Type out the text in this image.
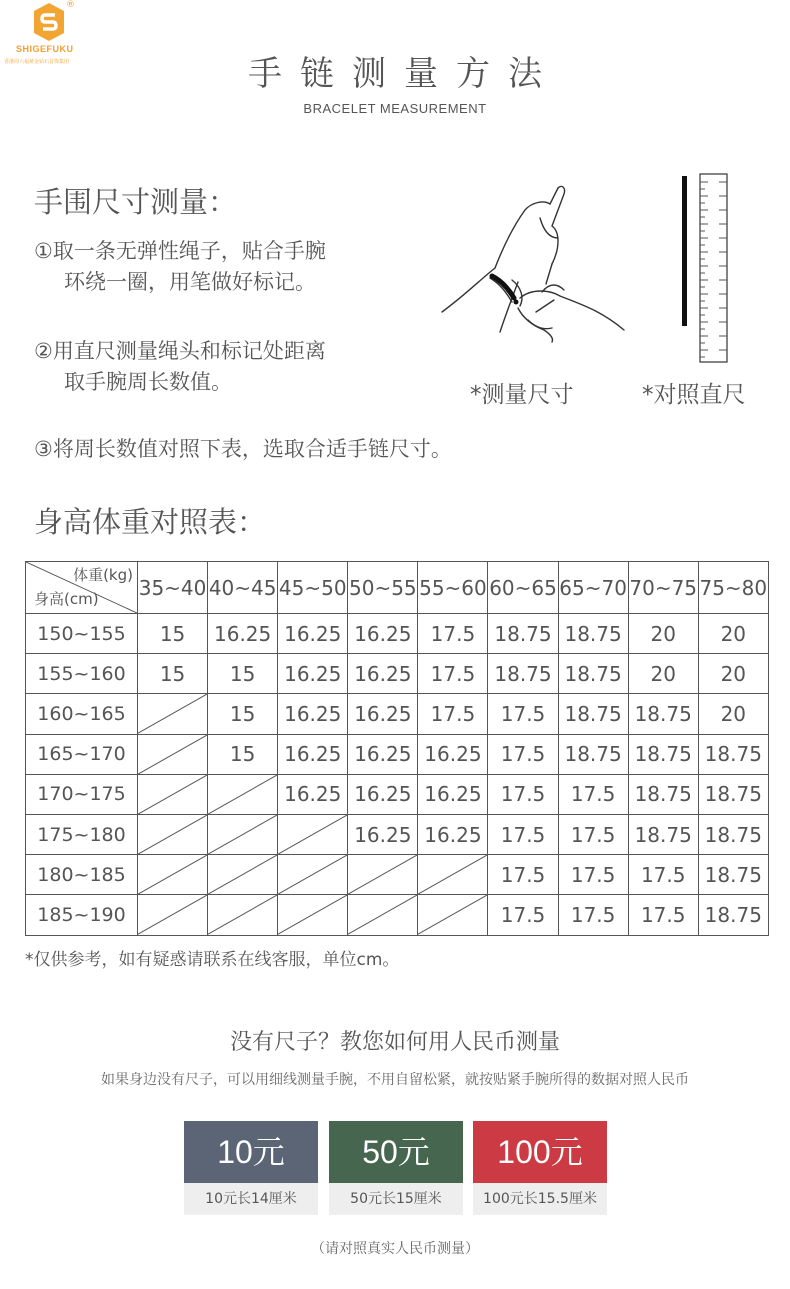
®
SHIGEFUKU
香港周六福黄金钻石首饰集团	手链测量方法
BRACELET MEASUREMENT
手围尺寸测量：
①取一条无弹性绳子，贴合手腕
环绕一圈，用笔做好标记。
②用直尺测量绳头和标记处距离
取手腕周长数值。
③将周长数值对照下表，选取合适手链尺寸。
*测量尺寸	*对照直尺
身高体重对照表：
体重(kg)
身高(cm)	35~40	40~45	45~50	50~55	55~60	60~65	65~70	70~75	75~80
150~155	15	16.25	16.25	16.25	17.5	18.75	18.75	20	20
155~160	15	15	16.25	16.25	17.5	18.75	18.75	20	20
160~165		15	16.25	16.25	17.5	17.5	18.75	18.75	20
165~170		15	16.25	16.25	16.25	17.5	18.75	18.75	18.75
170~175			16.25	16.25	16.25	17.5	17.5	18.75	18.75
175~180				16.25	16.25	17.5	17.5	18.75	18.75
180~185						17.5	17.5	17.5	18.75
185~190						17.5	17.5	17.5	18.75
*仅供参考，如有疑惑请联系在线客服，单位cm。
没有尺子？教您如何用人民币测量
如果身边没有尺子，可以用细线测量手腕，不用自留松紧，就按贴紧手腕所得的数据对照人民币
10元
10元长14厘米
50元
50元长15厘米
100元
100元长15.5厘米
（请对照真实人民币测量）
